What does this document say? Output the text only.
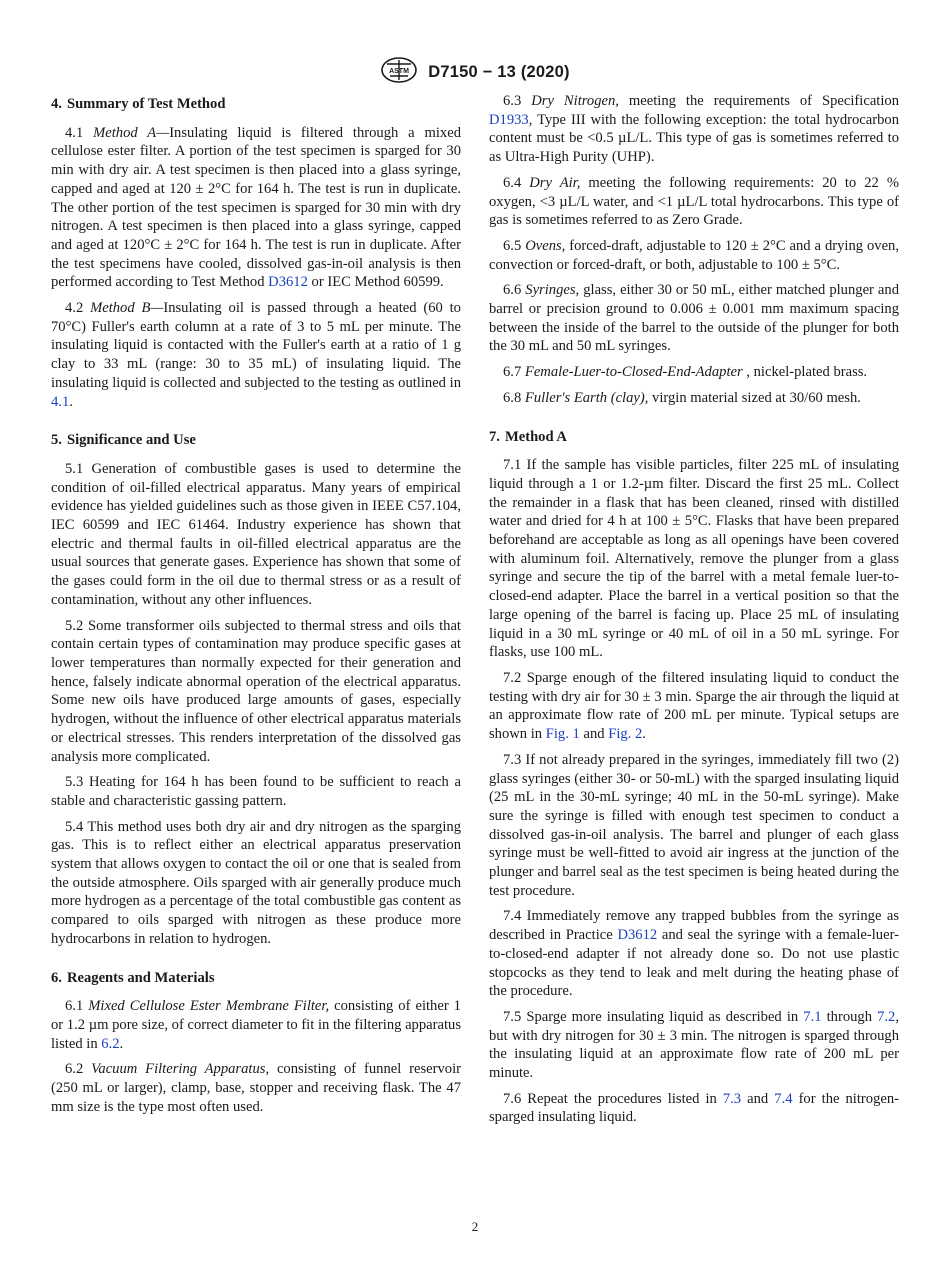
ASTM D7150 − 13 (2020)
4. Summary of Test Method

4.1 Method A—Insulating liquid is filtered through a mixed cellulose ester filter. A portion of the test specimen is sparged for 30 min with dry air. A test specimen is then placed into a glass syringe, capped and aged at 120 ± 2°C for 164 h. The test is run in duplicate. The other portion of the test specimen is sparged for 30 min with dry nitrogen. A test specimen is then placed into a glass syringe, capped and aged at 120°C ± 2°C for 164 h. The test is run in duplicate. After the test specimens have cooled, dissolved gas-in-oil analysis is then performed according to Test Method D3612 or IEC Method 60599.

4.2 Method B—Insulating oil is passed through a heated (60 to 70°C) Fuller's earth column at a rate of 3 to 5 mL per minute. The insulating liquid is contacted with the Fuller's earth at a ratio of 1 g clay to 33 mL (range: 30 to 35 mL) of insulating liquid. The insulating liquid is collected and subjected to the testing as outlined in 4.1.

5. Significance and Use

5.1 Generation of combustible gases is used to determine the condition of oil-filled electrical apparatus. Many years of empirical evidence has yielded guidelines such as those given in IEEE C57.104, IEC 60599 and IEC 61464. Industry experience has shown that electric and thermal faults in oil-filled electrical apparatus are the usual sources that generate gases. Experience has shown that some of the gases could form in the oil due to thermal stress or as a result of contamination, without any other influences.

5.2 Some transformer oils subjected to thermal stress and oils that contain certain types of contamination may produce specific gases at lower temperatures than normally expected for their generation and hence, falsely indicate abnormal operation of the electrical apparatus. Some new oils have produced large amounts of gases, especially hydrogen, without the influence of other electrical apparatus materials or electrical stresses. This renders interpretation of the dissolved gas analysis more complicated.

5.3 Heating for 164 h has been found to be sufficient to reach a stable and characteristic gassing pattern.

5.4 This method uses both dry air and dry nitrogen as the sparging gas. This is to reflect either an electrical apparatus preservation system that allows oxygen to contact the oil or one that is sealed from the outside atmosphere. Oils sparged with air generally produce much more hydrogen as a percentage of the total combustible gas content as compared to oils sparged with nitrogen as these produce more hydrocarbons in relation to hydrogen.

6. Reagents and Materials

6.1 Mixed Cellulose Ester Membrane Filter, consisting of either 1 or 1.2 µm pore size, of correct diameter to fit in the filtering apparatus listed in 6.2.

6.2 Vacuum Filtering Apparatus, consisting of funnel reservoir (250 mL or larger), clamp, base, stopper and receiving flask. The 47 mm size is the type most often used.

6.3 Dry Nitrogen, meeting the requirements of Specification D1933, Type III with the following exception: the total hydrocarbon content must be <0.5 µL/L. This type of gas is sometimes referred to as Ultra-High Purity (UHP).

6.4 Dry Air, meeting the following requirements: 20 to 22 % oxygen, <3 µL/L water, and <1 µL/L total hydrocarbons. This type of gas is sometimes referred to as Zero Grade.

6.5 Ovens, forced-draft, adjustable to 120 ± 2°C and a drying oven, convection or forced-draft, or both, adjustable to 100 ± 5°C.

6.6 Syringes, glass, either 30 or 50 mL, either matched plunger and barrel or precision ground to 0.006 ± 0.001 mm maximum spacing between the inside of the barrel to the outside of the plunger for both the 30 mL and 50 mL syringes.

6.7 Female-Luer-to-Closed-End-Adapter , nickel-plated brass.

6.8 Fuller's Earth (clay), virgin material sized at 30/60 mesh.

7. Method A

7.1 If the sample has visible particles, filter 225 mL of insulating liquid through a 1 or 1.2-µm filter. Discard the first 25 mL. Collect the remainder in a flask that has been cleaned, rinsed with distilled water and dried for 4 h at 100 ± 5°C. Flasks that have been prepared beforehand are acceptable as long as all openings have been covered with aluminum foil. Alternatively, remove the plunger from a glass syringe and secure the tip of the barrel with a metal female luer-to-closed-end adapter. Place the barrel in a vertical position so that the large opening of the barrel is facing up. Place 25 mL of insulating liquid in a 30 mL syringe or 40 mL of oil in a 50 mL syringe. For flasks, use 100 mL.

7.2 Sparge enough of the filtered insulating liquid to conduct the testing with dry air for 30 ± 3 min. Sparge the air through the liquid at an approximate flow rate of 200 mL per minute. Typical setups are shown in Fig. 1 and Fig. 2.

7.3 If not already prepared in the syringes, immediately fill two (2) glass syringes (either 30- or 50-mL) with the sparged insulating liquid (25 mL in the 30-mL syringe; 40 mL in the 50-mL syringe). Make sure the syringe is filled with enough test specimen to conduct a dissolved gas-in-oil analysis. The barrel and plunger of each glass syringe must be well-fitted to avoid air ingress at the junction of the plunger and barrel seal as the test specimen is being heated during the test procedure.

7.4 Immediately remove any trapped bubbles from the syringe as described in Practice D3612 and seal the syringe with a female-luer-to-closed-end adapter if not already done so. Do not use plastic stopcocks as they tend to leak and melt during the heating phase of the procedure.

7.5 Sparge more insulating liquid as described in 7.1 through 7.2, but with dry nitrogen for 30 ± 3 min. The nitrogen is sparged through the insulating liquid at an approximate flow rate of 200 mL per minute.

7.6 Repeat the procedures listed in 7.3 and 7.4 for the nitrogen-sparged insulating liquid.

2
